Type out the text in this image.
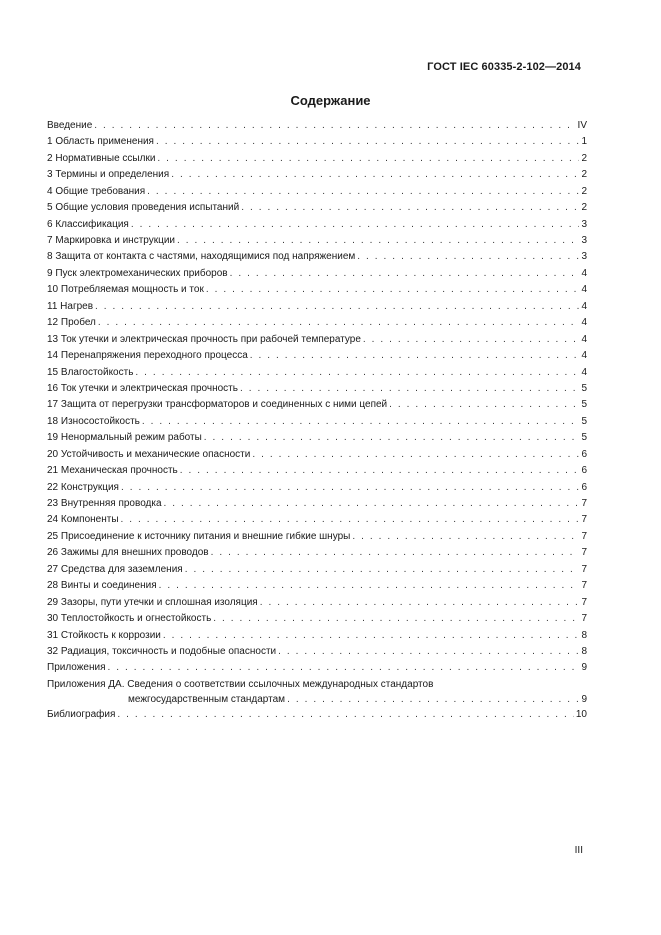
ГОСТ IEC 60335-2-102—2014
Содержание
Введение . . .	IV
1 Область применения . . .	1
2 Нормативные ссылки . . .	2
3 Термины и определения . . .	2
4 Общие требования . . .	2
5 Общие условия проведения испытаний . . .	2
6 Классификация . . .	3
7 Маркировка и инструкции . . .	3
8 Защита от контакта с частями, находящимися под напряжением . . .	3
9 Пуск электромеханических приборов . . .	4
10 Потребляемая мощность и ток . . .	4
11 Нагрев . . .	4
12 Пробел . . .	4
13 Ток утечки и электрическая прочность при рабочей температуре . . .	4
14 Перенапряжения переходного процесса . . .	4
15 Влагостойкость . . .	4
16 Ток утечки и электрическая прочность . . .	5
17 Защита от перегрузки трансформаторов и соединенных с ними цепей . . .	5
18 Износостойкость . . .	5
19 Ненормальный режим работы . . .	5
20 Устойчивость и механические опасности . . .	6
21 Механическая прочность . . .	6
22 Конструкция . . .	6
23 Внутренняя проводка . . .	7
24 Компоненты . . .	7
25 Присоединение к источнику питания и внешние гибкие шнуры . . .	7
26 Зажимы для внешних проводов . . .	7
27 Средства для заземления . . .	7
28 Винты и соединения . . .	7
29 Зазоры, пути утечки и сплошная изоляция . . .	7
30 Теплостойкость и огнестойкость . . .	7
31 Стойкость к коррозии . . .	8
32 Радиация, токсичность и подобные опасности . . .	8
Приложения . . .	9
Приложения ДА. Сведения о соответствии ссылочных международных стандартов
межгосударственным стандартам . . .	9
Библиография . . .	10
III
